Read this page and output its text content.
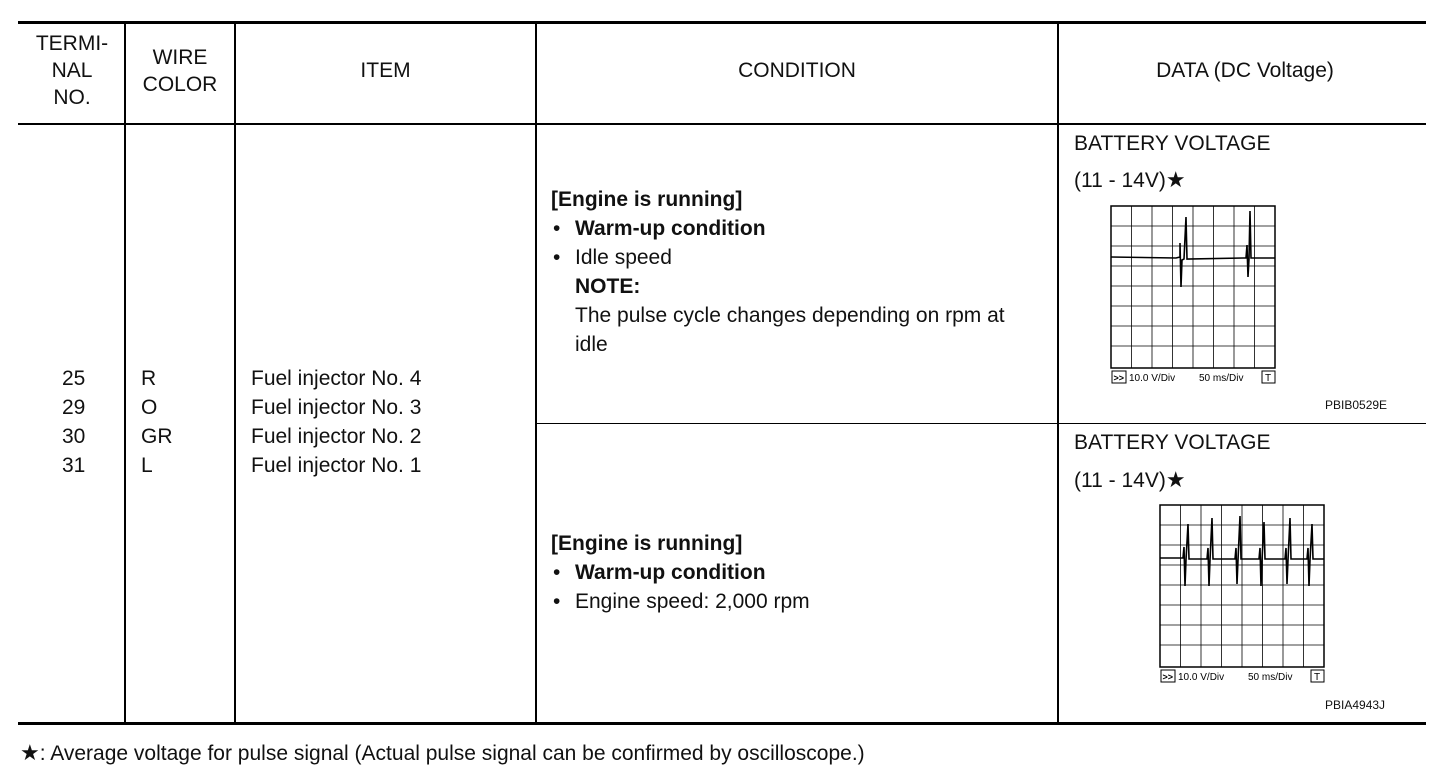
TERMI-
NAL
NO.
WIRE
COLOR
ITEM	CONDITION	DATA (DC Voltage)
25
29
30
31
R
O
GR
L
Fuel injector No. 4
Fuel injector No. 3
Fuel injector No. 2
Fuel injector No. 1
[Engine is running]
• Warm-up condition
• Idle speed
NOTE:
The pulse cycle changes depending on rpm at
idle
[Engine is running]
• Warm-up condition
• Engine speed: 2,000 rpm
BATTERY VOLTAGE
(11 - 14V)★
>> 10.0 V/Div 50 ms/Div T
PBIB0529E
BATTERY VOLTAGE
(11 - 14V)★
>> 10.0 V/Div 50 ms/Div T
PBIA4943J
★: Average voltage for pulse signal (Actual pulse signal can be confirmed by oscilloscope.)
